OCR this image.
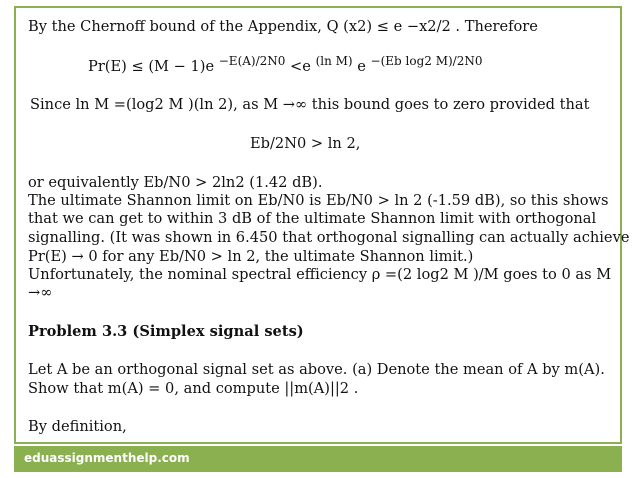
By the Chernoff bound of the Appendix, Q (x2) ≤ e −x2/2 . Therefore
Pr(E) ≤ (M − 1)e $^{-E(A)/2N0}$ <e $^{(ln M)}$ e $^{-(Eb log2 M)/2N0}$
Since ln M =(log2 M )(ln 2), as M →∞ this bound goes to zero provided that
Eb/2N0 > ln 2,
or equivalently Eb/N0 > 2ln2 (1.42 dB).
The ultimate Shannon limit on Eb/N0 is Eb/N0 > ln 2 (-1.59 dB), so this shows
that we can get to within 3 dB of the ultimate Shannon limit with orthogonal
signalling. (It was shown in 6.450 that orthogonal signalling can actually achieve
Pr(E) → 0 for any Eb/N0 > ln 2, the ultimate Shannon limit.)
Unfortunately, the nominal spectral efficiency ρ =(2 log2 M )/M goes to 0 as M
→∞
Problem 3.3 (Simplex signal sets)
Let A be an orthogonal signal set as above. (a) Denote the mean of A by m(A).
Show that m(A) = 0, and compute ||m(A)||2 .
By definition,
eduassignmenthelp.com
